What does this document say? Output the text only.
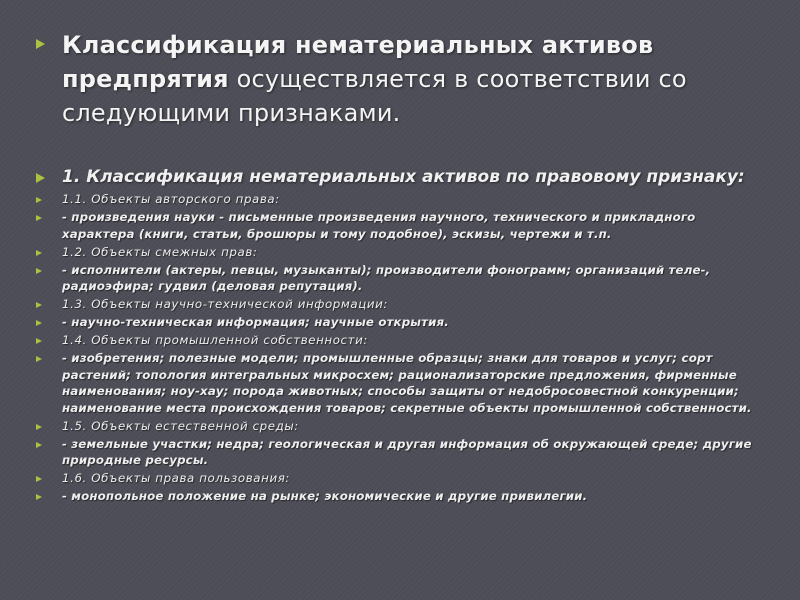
Классификация нематериальных активов предпрятия осуществляется в соответствии со следующими признаками.
1. Классификация нематериальных активов по правовому признаку:
1.1. Объекты авторского права:
- произведения науки - письменные произведения научного, технического и прикладного характера (книги, статьи, брошюры и тому подобное), эскизы, чертежи и т.п.
1.2. Объекты смежных прав:
- исполнители (актеры, певцы, музыканты); производители фонограмм; организаций теле-, радиоэфира; гудвил (деловая репутация).
1.3. Объекты научно-технической информации:
- научно-техническая информация; научные открытия.
1.4. Объекты промышленной собственности:
- изобретения; полезные модели; промышленные образцы; знаки для товаров и услуг; сорт растений; топология интегральных микросхем; рационализаторские предложения, фирменные наименования; ноу-хау; порода животных; способы защиты от недобросовестной конкуренции; наименование места происхождения товаров; секретные объекты промышленной собственности.
1.5. Объекты естественной среды:
- земельные участки; недра; геологическая и другая информация об окружающей среде; другие природные ресурсы.
1.6. Объекты права пользования:
- монопольное положение на рынке; экономические и другие привилегии.
